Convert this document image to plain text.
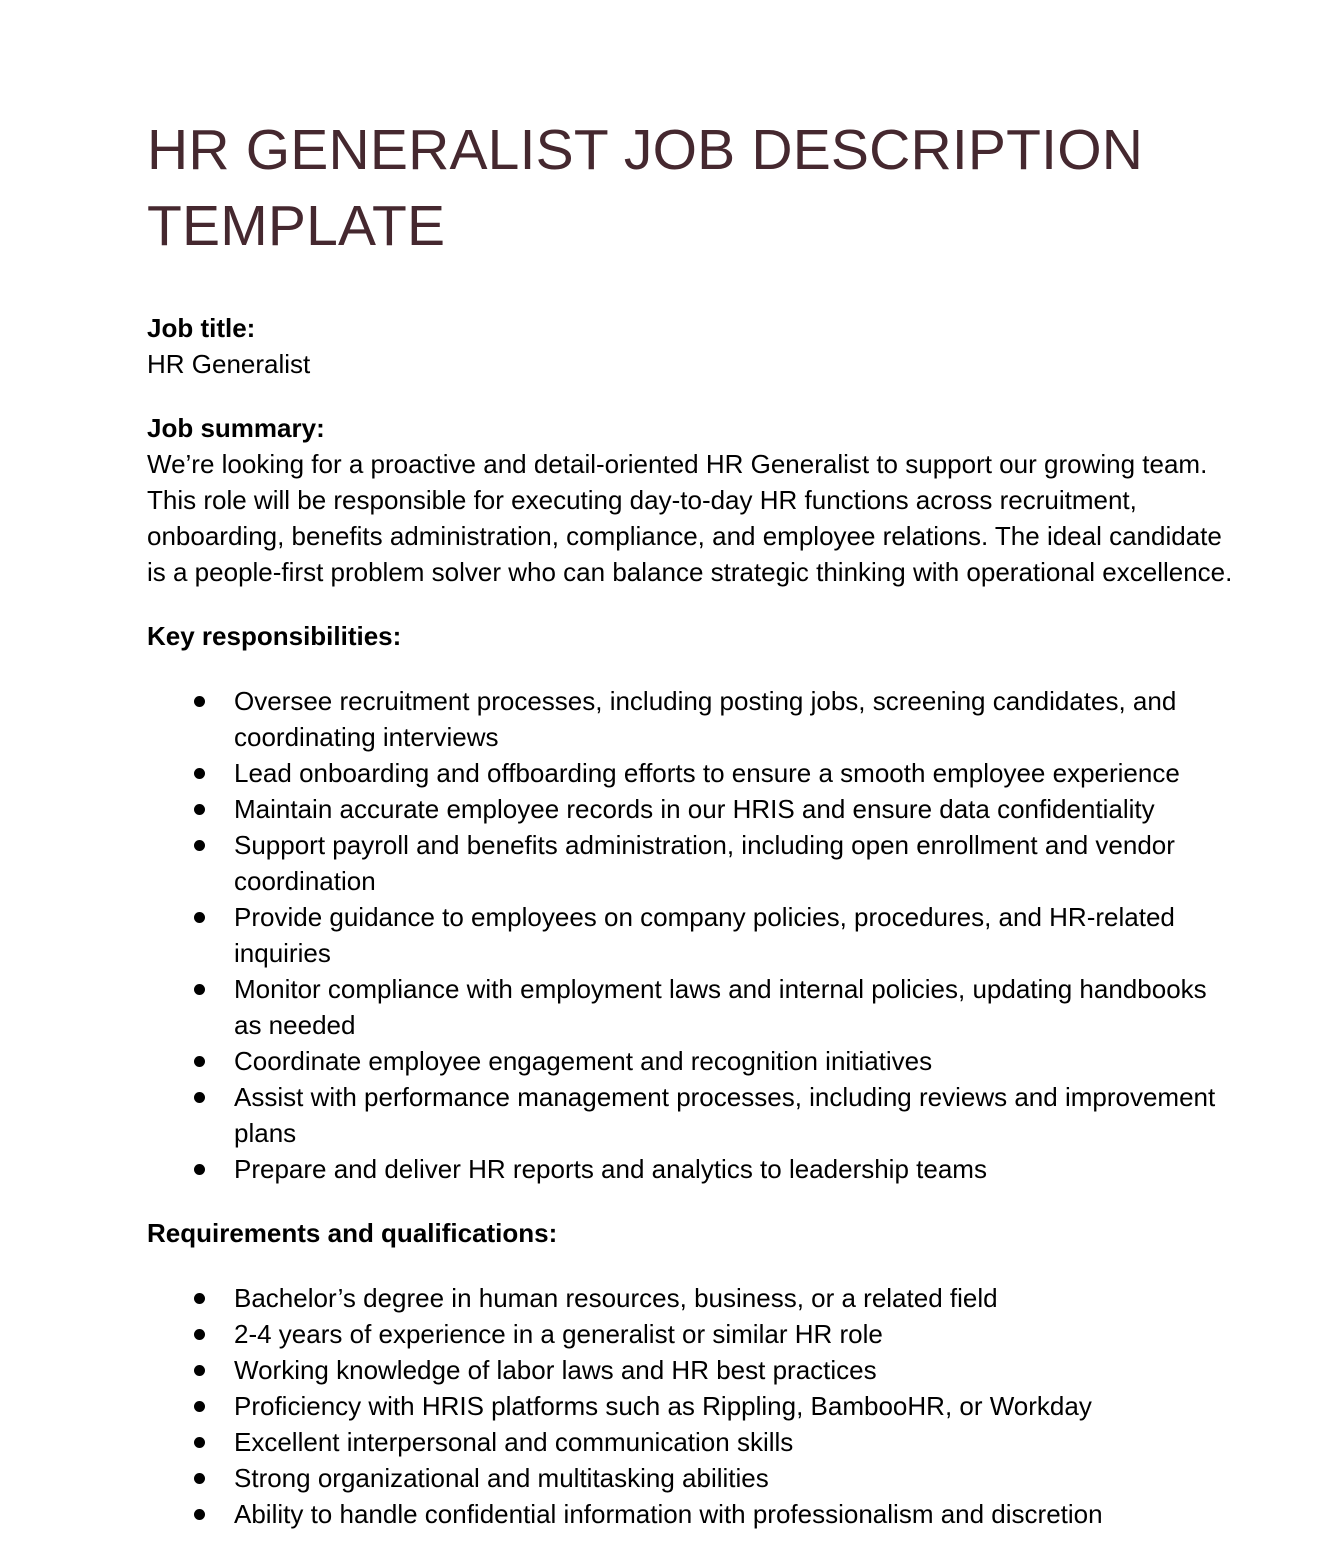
HR GENERALIST JOB DESCRIPTION
TEMPLATE

Job title:

HR Generalist

Job summary:

We’re looking for a proactive and detail-oriented HR Generalist to support our growing team. This role will be responsible for executing day-to-day HR functions across recruitment, onboarding, benefits administration, compliance, and employee relations. The ideal candidate is a people-first problem solver who can balance strategic thinking with operational excellence.

Key responsibilities:

Oversee recruitment processes, including posting jobs, screening candidates, and coordinating interviews
Lead onboarding and offboarding efforts to ensure a smooth employee experience
Maintain accurate employee records in our HRIS and ensure data confidentiality
Support payroll and benefits administration, including open enrollment and vendor coordination
Provide guidance to employees on company policies, procedures, and HR-related inquiries
Monitor compliance with employment laws and internal policies, updating handbooks as needed
Coordinate employee engagement and recognition initiatives
Assist with performance management processes, including reviews and improvement plans
Prepare and deliver HR reports and analytics to leadership teams

Requirements and qualifications:

Bachelor’s degree in human resources, business, or a related field
2-4 years of experience in a generalist or similar HR role
Working knowledge of labor laws and HR best practices
Proficiency with HRIS platforms such as Rippling, BambooHR, or Workday
Excellent interpersonal and communication skills
Strong organizational and multitasking abilities
Ability to handle confidential information with professionalism and discretion
